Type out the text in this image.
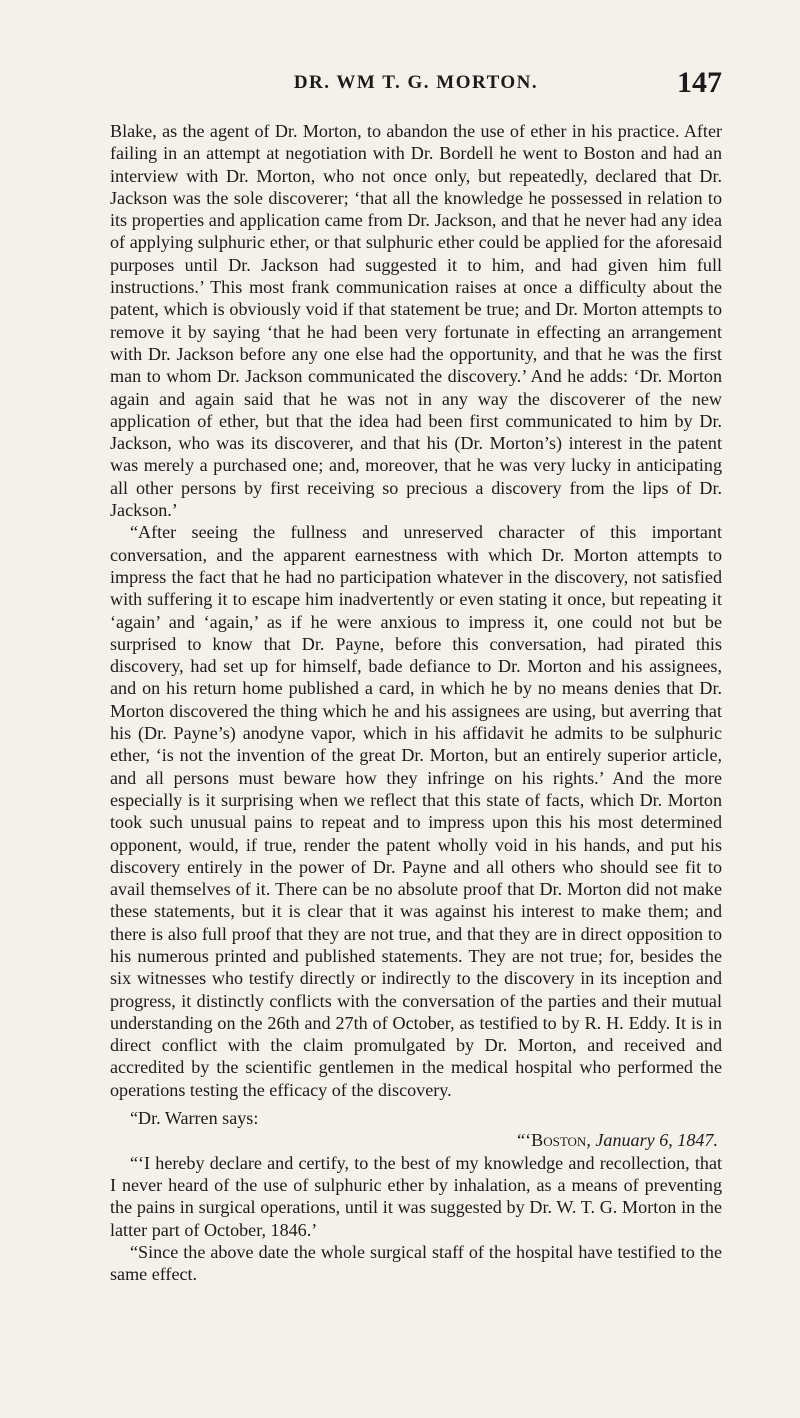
DR. WM T. G. MORTON.	147

Blake, as the agent of Dr. Morton, to abandon the use of ether in his practice. After failing in an attempt at negotiation with Dr. Bordell he went to Boston and had an interview with Dr. Morton, who not once only, but repeatedly, declared that Dr. Jackson was the sole discoverer; ‘that all the knowledge he possessed in relation to its properties and application came from Dr. Jackson, and that he never had any idea of applying sulphuric ether, or that sulphuric ether could be applied for the aforesaid purposes until Dr. Jackson had suggested it to him, and had given him full instructions.’ This most frank communication raises at once a difficulty about the patent, which is obviously void if that statement be true; and Dr. Morton attempts to remove it by saying ‘that he had been very fortunate in effecting an arrangement with Dr. Jackson before any one else had the opportunity, and that he was the first man to whom Dr. Jackson communicated the discovery.’ And he adds: ‘Dr. Morton again and again said that he was not in any way the discoverer of the new application of ether, but that the idea had been first communicated to him by Dr. Jackson, who was its discoverer, and that his (Dr. Morton’s) interest in the patent was merely a purchased one; and, moreover, that he was very lucky in anticipating all other persons by first receiving so precious a discovery from the lips of Dr. Jackson.’

“After seeing the fullness and unreserved character of this important conversation, and the apparent earnestness with which Dr. Morton attempts to impress the fact that he had no participation whatever in the discovery, not satisfied with suffering it to escape him inadvertently or even stating it once, but repeating it ‘again’ and ‘again,’ as if he were anxious to impress it, one could not but be surprised to know that Dr. Payne, before this conversation, had pirated this discovery, had set up for himself, bade defiance to Dr. Morton and his assignees, and on his return home published a card, in which he by no means denies that Dr. Morton discovered the thing which he and his assignees are using, but averring that his (Dr. Payne’s) anodyne vapor, which in his affidavit he admits to be sulphuric ether, ‘is not the invention of the great Dr. Morton, but an entirely superior article, and all persons must beware how they infringe on his rights.’ And the more especially is it surprising when we reflect that this state of facts, which Dr. Morton took such unusual pains to repeat and to impress upon this his most determined opponent, would, if true, render the patent wholly void in his hands, and put his discovery entirely in the power of Dr. Payne and all others who should see fit to avail themselves of it. There can be no absolute proof that Dr. Morton did not make these statements, but it is clear that it was against his interest to make them; and there is also full proof that they are not true, and that they are in direct opposition to his numerous printed and published statements. They are not true; for, besides the six witnesses who testify directly or indirectly to the discovery in its inception and progress, it distinctly conflicts with the conversation of the parties and their mutual understanding on the 26th and 27th of October, as testified to by R. H. Eddy. It is in direct conflict with the claim promulgated by Dr. Morton, and received and accredited by the scientific gentlemen in the medical hospital who performed the operations testing the efficacy of the discovery.

“Dr. Warren says:

“‘Boston, January 6, 1847.

“‘I hereby declare and certify, to the best of my knowledge and recollection, that I never heard of the use of sulphuric ether by inhalation, as a means of preventing the pains in surgical operations, until it was suggested by Dr. W. T. G. Morton in the latter part of October, 1846.’

“Since the above date the whole surgical staff of the hospital have testified to the same effect.
